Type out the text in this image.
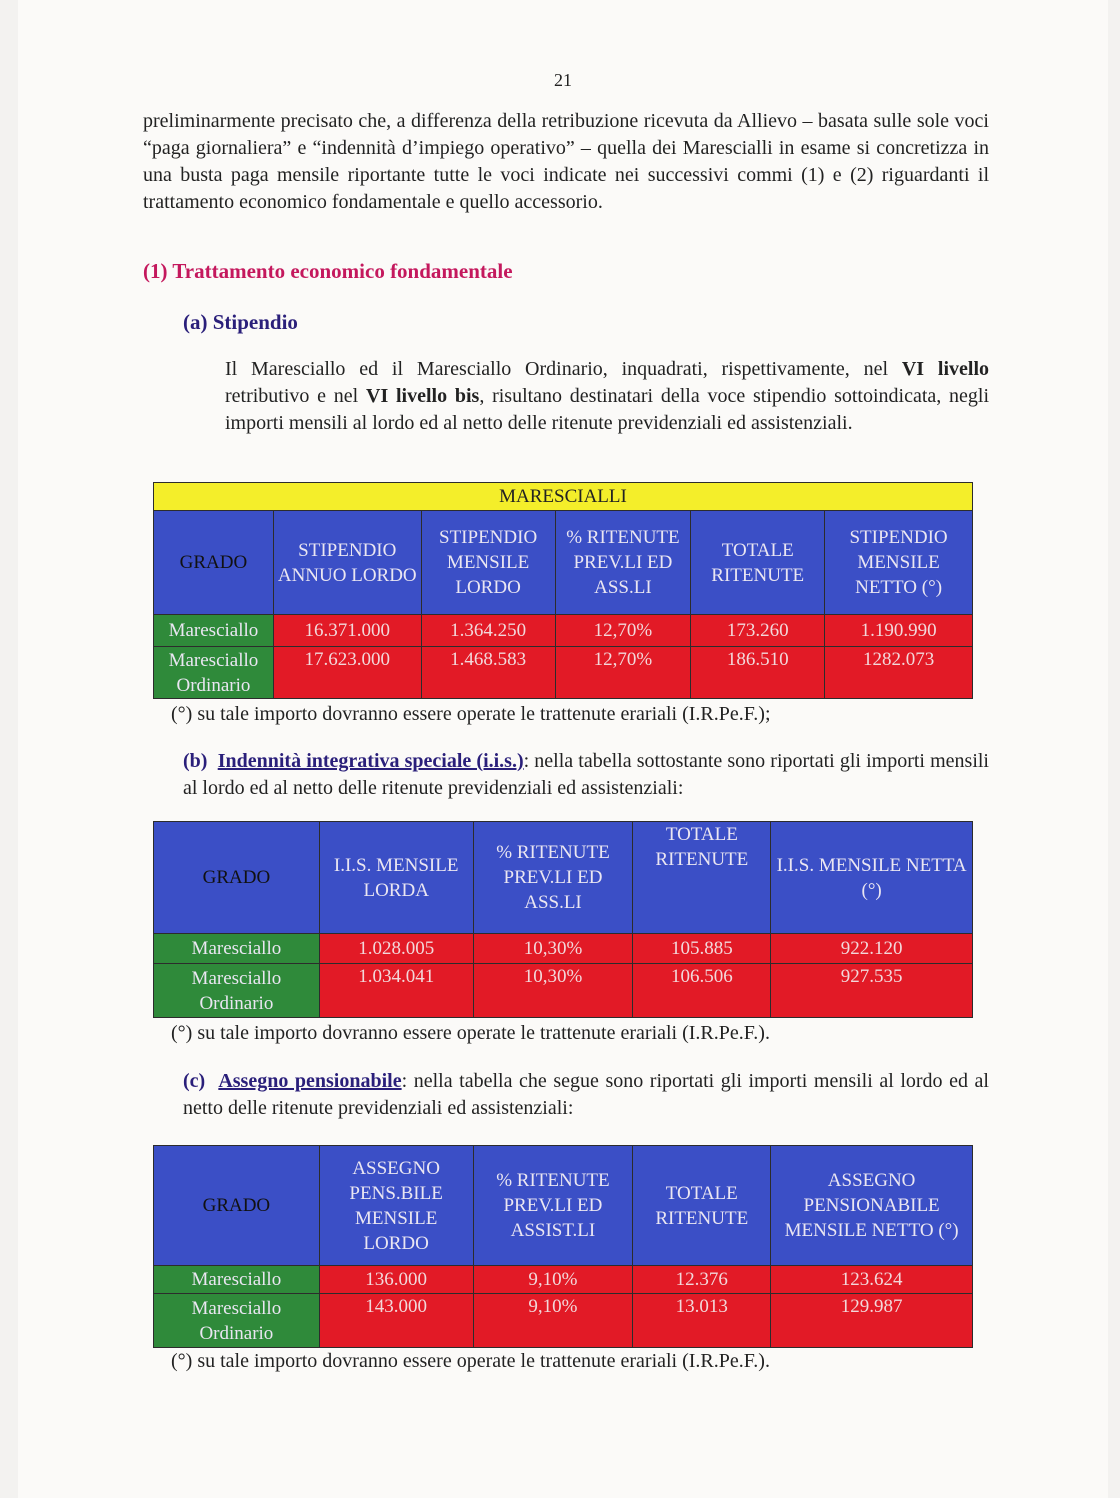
21
preliminarmente precisato che, a differenza della retribuzione ricevuta da Allievo – basata sulle sole voci “paga giornaliera” e “indennità d’impiego operativo” – quella dei Marescialli in esame si concretizza in una busta paga mensile riportante tutte le voci indicate nei successivi commi (1) e (2) riguardanti il trattamento economico fondamentale e quello accessorio.
(1) Trattamento economico fondamentale
(a) Stipendio
Il Maresciallo ed il Maresciallo Ordinario, inquadrati, rispettivamente, nel VI livello retributivo e nel VI livello bis, risultano destinatari della voce stipendio sottoindicata, negli importi mensili al lordo ed al netto delle ritenute previdenziali ed assistenziali.
MARESCIALLI					
GRADO	STIPENDIO ANNUO LORDO	STIPENDIO MENSILE LORDO	% RITENUTE PREV.LI ED ASS.LI	TOTALE RITENUTE	STIPENDIO MENSILE NETTO (°)
Maresciallo	16.371.000	1.364.250	12,70%	173.260	1.190.990
Maresciallo Ordinario	17.623.000	1.468.583	12,70%	186.510	1282.073
(°) su tale importo dovranno essere operate le trattenute erariali (I.R.Pe.F.);
(b) Indennità integrativa speciale (i.i.s.): nella tabella sottostante sono riportati gli importi mensili al lordo ed al netto delle ritenute previdenziali ed assistenziali:
GRADO	I.I.S. MENSILE LORDA	% RITENUTE PREV.LI ED ASS.LI	TOTALE RITENUTE	I.I.S. MENSILE NETTA (°)
Maresciallo	1.028.005	10,30%	105.885	922.120
Maresciallo Ordinario	1.034.041	10,30%	106.506	927.535
(°) su tale importo dovranno essere operate le trattenute erariali (I.R.Pe.F.).
(c) Assegno pensionabile: nella tabella che segue sono riportati gli importi mensili al lordo ed al netto delle ritenute previdenziali ed assistenziali:
GRADO	ASSEGNO PENS.BILE MENSILE LORDO	% RITENUTE PREV.LI ED ASSIST.LI	TOTALE RITENUTE	ASSEGNO PENSIONABILE MENSILE NETTO (°)
Maresciallo	136.000	9,10%	12.376	123.624
Maresciallo Ordinario	143.000	9,10%	13.013	129.987
(°) su tale importo dovranno essere operate le trattenute erariali (I.R.Pe.F.).
